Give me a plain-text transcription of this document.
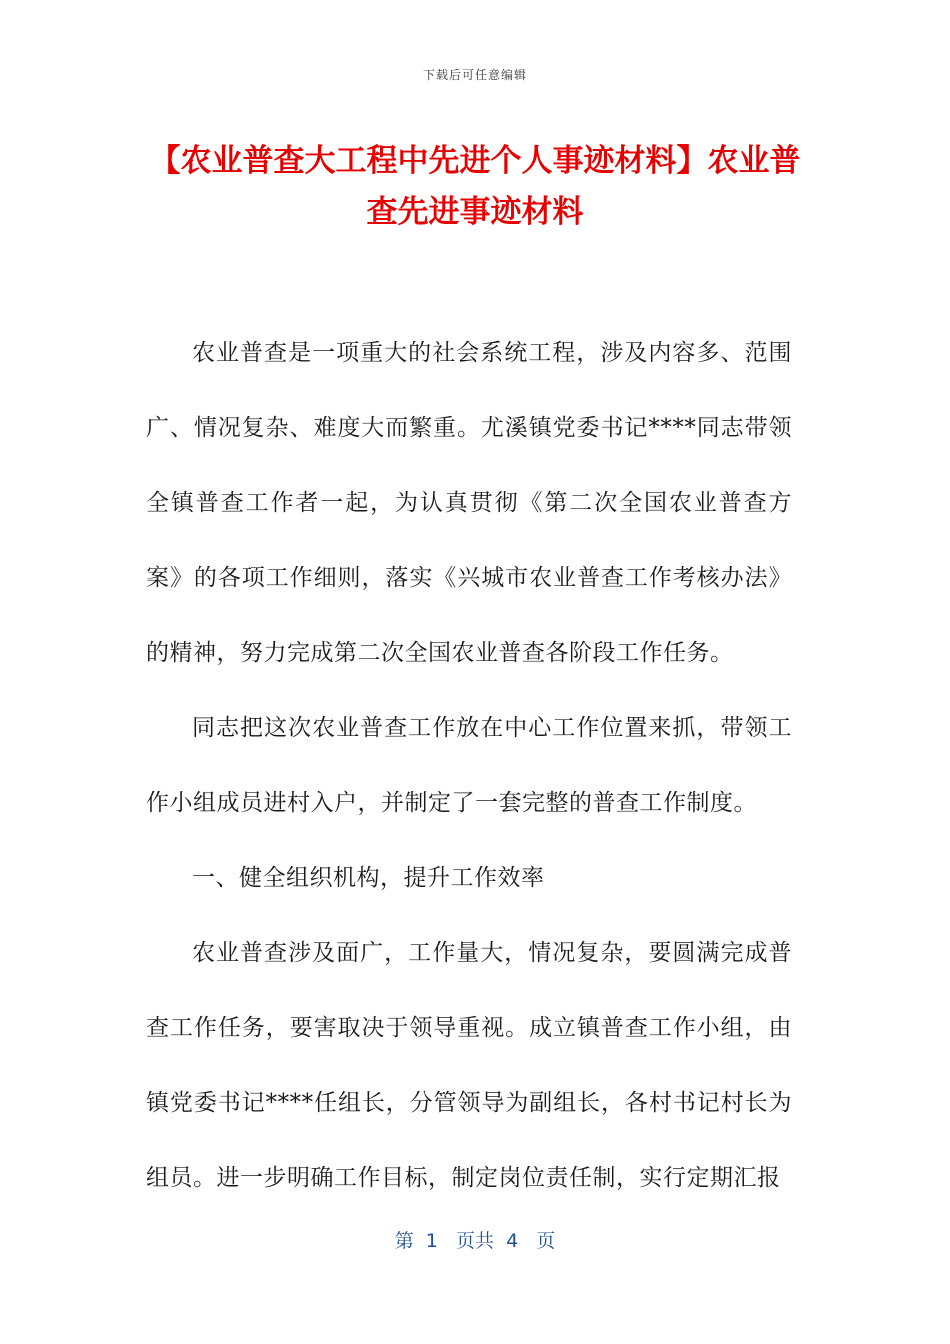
下载后可任意编辑
【农业普查大工程中先进个人事迹材料】农业普查先进事迹材料

农业普查是一项重大的社会系统工程，涉及内容多、范围广、情况复杂、难度大而繁重。尤溪镇党委书记****同志带领全镇普查工作者一起，为认真贯彻《第二次全国农业普查方案》的各项工作细则，落实《兴城市农业普查工作考核办法》的精神，努力完成第二次全国农业普查各阶段工作任务。

同志把这次农业普查工作放在中心工作位置来抓，带领工作小组成员进村入户，并制定了一套完整的普查工作制度。

一、健全组织机构，提升工作效率

农业普查涉及面广，工作量大，情况复杂，要圆满完成普查工作任务，要害取决于领导重视。成立镇普查工作小组，由镇党委书记****任组长，分管领导为副组长，各村书记村长为组员。进一步明确工作目标，制定岗位责任制，实行定期汇报

第  1   页共  4   页
